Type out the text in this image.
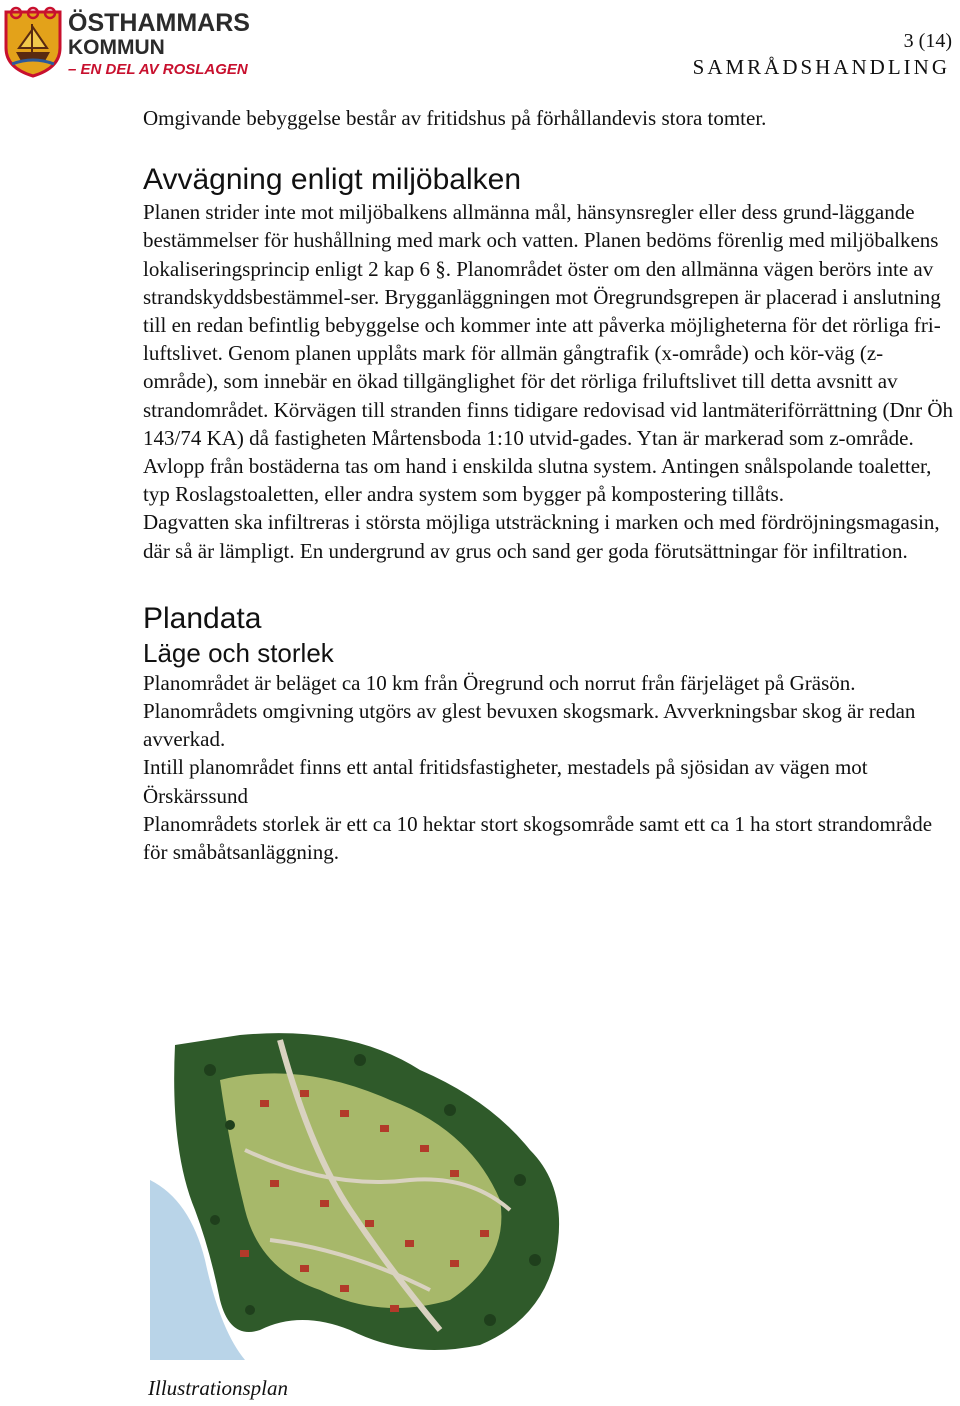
ÖSTHAMMARS
KOMMUN
– EN DEL AV ROSLAGEN
3 (14)
SAMRÅDSHANDLING

Omgivande bebyggelse består av fritidshus på förhållandevis stora tomter.

Avvägning enligt miljöbalken

Planen strider inte mot miljöbalkens allmänna mål, hänsynsregler eller dess grund-läggande bestämmelser för hushållning med mark och vatten. Planen bedöms förenlig med miljöbalkens lokaliseringsprincip enligt 2 kap 6 §. Planområdet öster om den allmänna vägen berörs inte av strandskyddsbestämmel-ser. Brygganläggningen mot Öregrundsgrepen är placerad i anslutning till en redan befintlig bebyggelse och kommer inte att påverka möjligheterna för det rörliga fri-luftslivet. Genom planen upplåts mark för allmän gångtrafik (x-område) och kör-väg (z-område), som innebär en ökad tillgänglighet för det rörliga friluftslivet till detta avsnitt av strandområdet. Körvägen till stranden finns tidigare redovisad vid lantmäteriförrättning (Dnr Öh 143/74 KA) då fastigheten Mårtensboda 1:10 utvid-gades. Ytan är markerad som z-område.

Avlopp från bostäderna tas om hand i enskilda slutna system. Antingen snålspolande toaletter, typ Roslagstoaletten, eller andra system som bygger på kompostering tillåts.

Dagvatten ska infiltreras i största möjliga utsträckning i marken och med fördröjningsmagasin, där så är lämpligt. En undergrund av grus och sand ger goda förutsättningar för infiltration.

Plandata
Läge och storlek

Planområdet är beläget ca 10 km från Öregrund och norrut från färjeläget på Gräsön.

Planområdets omgivning utgörs av glest bevuxen skogsmark. Avverkningsbar skog är redan avverkad.

Intill planområdet finns ett antal fritidsfastigheter, mestadels på sjösidan av vägen mot Örskärssund

Planområdets storlek är ett ca 10 hektar stort skogsområde samt ett ca 1 ha stort strandområde för småbåtsanläggning.

Illustrationsplan
